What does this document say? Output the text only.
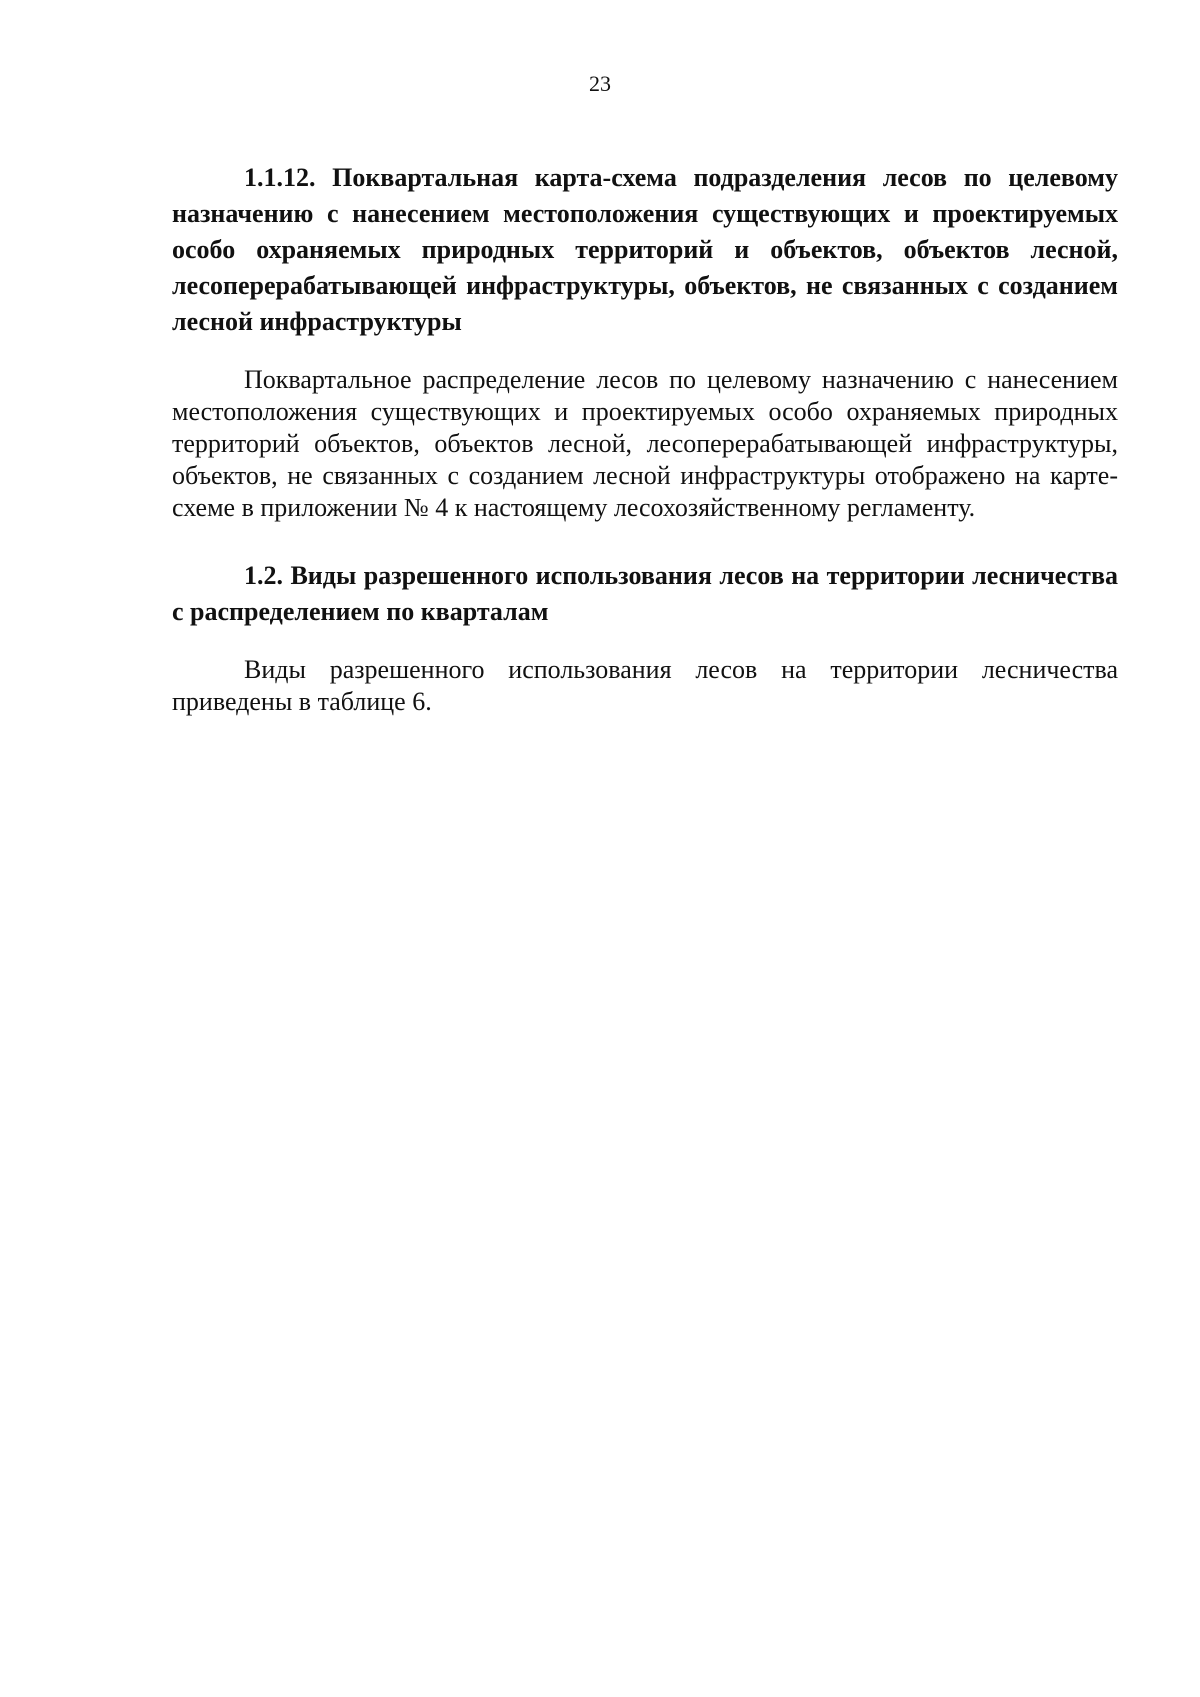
23

1.1.12. Поквартальная карта-схема подразделения лесов по целевому назначению с нанесением местоположения существующих и проектируемых особо охраняемых природных территорий и объектов, объектов лесной, лесоперерабатывающей инфраструктуры, объектов, не связанных с созданием лесной инфраструктуры

Поквартальное распределение лесов по целевому назначению с нанесением местоположения существующих и проектируемых особо охраняемых природных территорий объектов, объектов лесной, лесоперерабатывающей инфраструктуры, объектов, не связанных с созданием лесной инфраструктуры отображено на карте-схеме в приложении № 4 к настоящему лесохозяйственному регламенту.

1.2. Виды разрешенного использования лесов на территории лесничества с распределением по кварталам

Виды разрешенного использования лесов на территории лесничества приведены в таблице 6.
